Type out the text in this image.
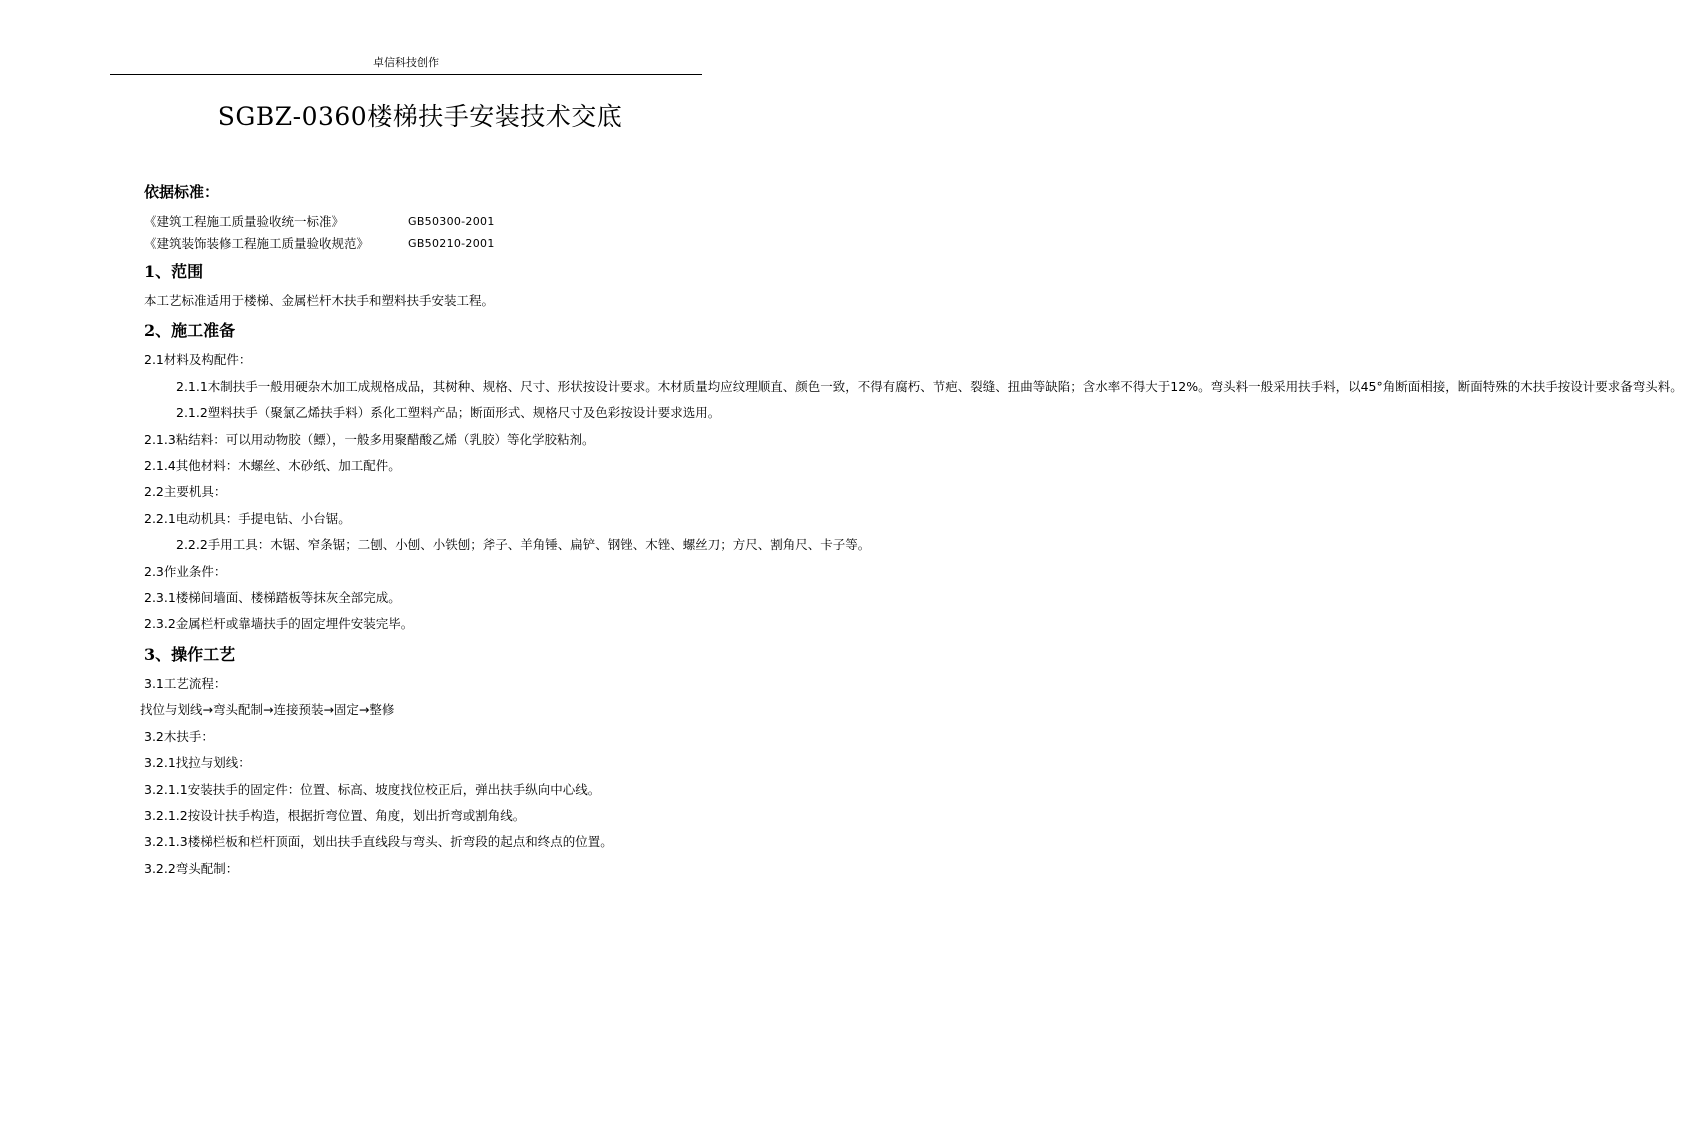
卓信科技创作
SGBZ-0360楼梯扶手安装技术交底
依据标准：
《建筑工程施工质量验收统一标准》	GB50300-2001
《建筑装饰装修工程施工质量验收规范》	GB50210-2001
1、范围

本工艺标准适用于楼梯、金属栏杆木扶手和塑料扶手安装工程。

2、施工准备

2.1材料及构配件：

2.1.1木制扶手一般用硬杂木加工成规格成品，其树种、规格、尺寸、形状按设计要求。木材质量均应纹理顺直、颜色一致，不得有腐朽、节疤、裂缝、扭曲等缺陷；含水率不得大于12%。弯头料一般采用扶手料，以45°角断面相接，断面特殊的木扶手按设计要求备弯头料。

2.1.2塑料扶手（聚氯乙烯扶手料）系化工塑料产品；断面形式、规格尺寸及色彩按设计要求选用。

2.1.3粘结料：可以用动物胶（鳔），一般多用聚醋酸乙烯（乳胶）等化学胶粘剂。

2.1.4其他材料：木螺丝、木砂纸、加工配件。

2.2主要机具：

2.2.1电动机具：手提电钻、小台锯。

2.2.2手用工具：木锯、窄条锯；二刨、小刨、小铁刨；斧子、羊角锤、扁铲、钢锉、木锉、螺丝刀；方尺、割角尺、卡子等。

2.3作业条件：

2.3.1楼梯间墙面、楼梯踏板等抹灰全部完成。

2.3.2金属栏杆或靠墙扶手的固定埋件安装完毕。

3、操作工艺

3.1工艺流程：

找位与划线→弯头配制→连接预装→固定→整修

3.2木扶手：

3.2.1找拉与划线：

3.2.1.1安装扶手的固定件：位置、标高、坡度找位校正后，弹出扶手纵向中心线。

3.2.1.2按设计扶手构造，根据折弯位置、角度，划出折弯或割角线。

3.2.1.3楼梯栏板和栏杆顶面，划出扶手直线段与弯头、折弯段的起点和终点的位置。

3.2.2弯头配制：
